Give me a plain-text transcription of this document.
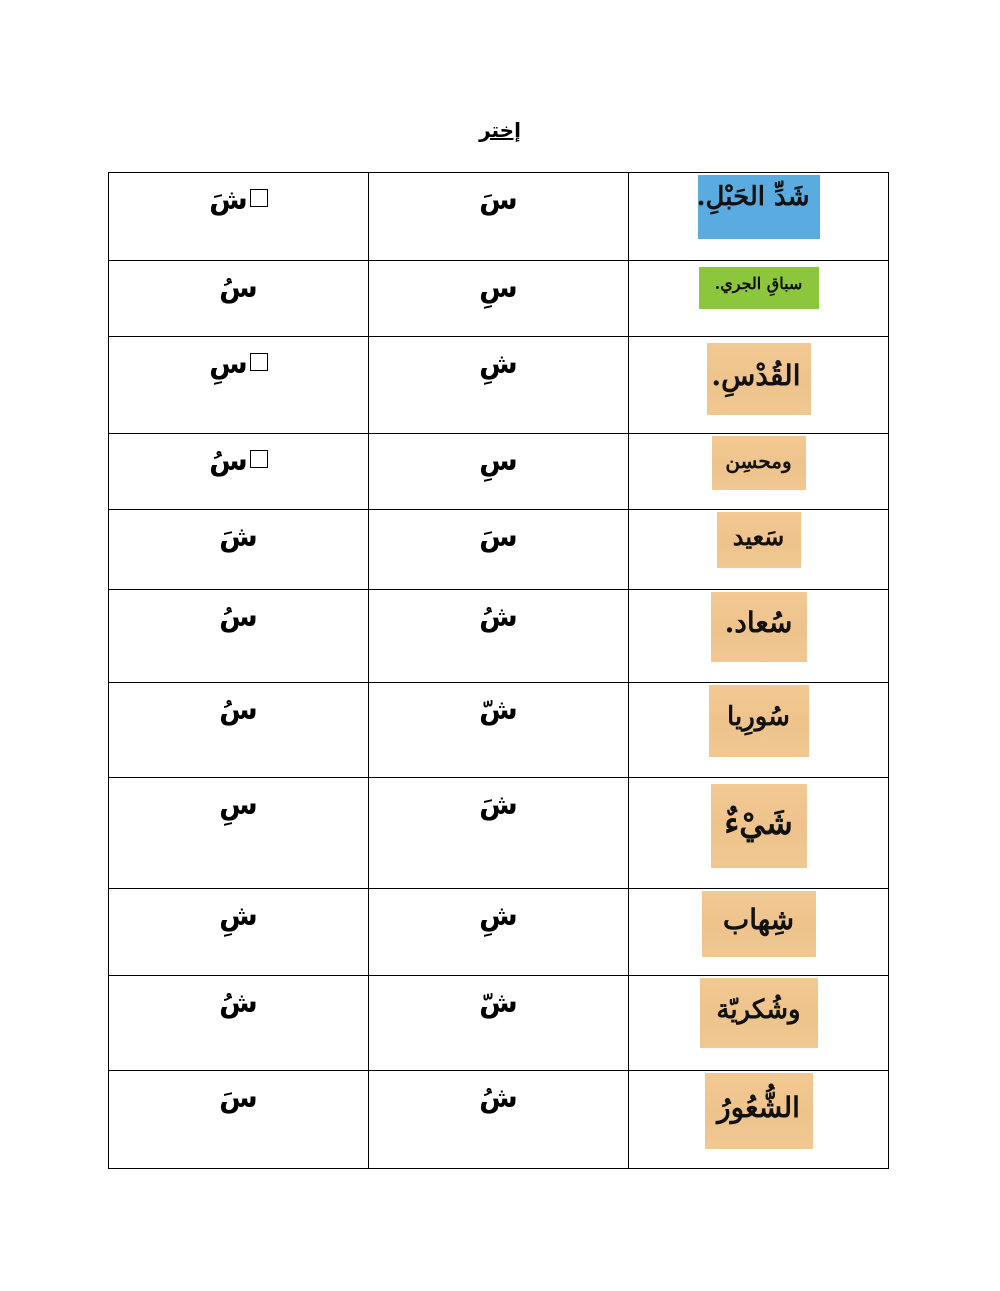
إختر
شَ	سَ	شَدِّ الحَبْلِ.
سُ	سِ	سباقِ الجري.
سِ	شِ	القُدْسِ.
سُ	سِ	ومحسِن
شَ	سَ	سَعيد
سُ	شُ	سُعاد.
سُ	شّ	سُورِيا
سِ	شَ	شَيْءٌ
شِ	شِ	شِهاب
شُ	شّ	وشُكريّة
سَ	شُ	الشُّعُورُ
